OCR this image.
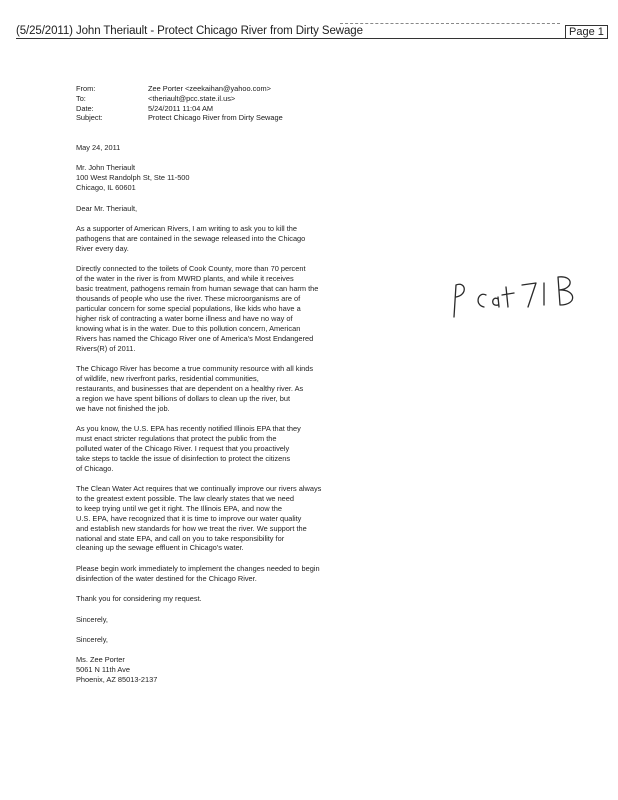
(5/25/2011) John Theriault - Protect Chicago River from Dirty Sewage	Page 1
From:	Zee Porter <zeekaihan@yahoo.com>
To:	<theriault@pcc.state.il.us>
Date:	5/24/2011 11:04 AM
Subject:	Protect Chicago River from Dirty Sewage
May 24, 2011
Mr. John Theriault
100 West Randolph St, Ste 11-500
Chicago, IL 60601
Dear Mr. Theriault,
As a supporter of American Rivers, I am writing to ask you to kill the
pathogens that are contained in the sewage released into the Chicago
River every day.
Directly connected to the toilets of Cook County, more than 70 percent
of the water in the river is from MWRD plants, and while it receives
basic treatment, pathogens remain from human sewage that can harm the
thousands of people who use the river. These microorganisms are of
particular concern for some special populations, like kids who have a
higher risk of contracting a water borne illness and have no way of
knowing what is in the water. Due to this pollution concern, American
Rivers has named the Chicago River one of America's Most Endangered
Rivers(R) of 2011.
The Chicago River has become a true community resource with all kinds
of wildlife, new riverfront parks, residential communities,
restaurants, and businesses that are dependent on a healthy river. As
a region we have spent billions of dollars to clean up the river, but
we have not finished the job.
As you know, the U.S. EPA has recently notified Illinois EPA that they
must enact stricter regulations that protect the public from the
polluted water of the Chicago River. I request that you proactively
take steps to tackle the issue of disinfection to protect the citizens
of Chicago.
The Clean Water Act requires that we continually improve our rivers always
to the greatest extent possible. The law clearly states that we need
to keep trying until we get it right. The Illinois EPA, and now the
U.S. EPA, have recognized that it is time to improve our water quality
and establish new standards for how we treat the river. We support the
national and state EPA, and call on you to take responsibility for
cleaning up the sewage effluent in Chicago's water.
Please begin work immediately to implement the changes needed to begin
disinfection of the water destined for the Chicago River.
Thank you for considering my request.
Sincerely,
Sincerely,
Ms. Zee Porter
5061 N 11th Ave
Phoenix, AZ 85013-2137
